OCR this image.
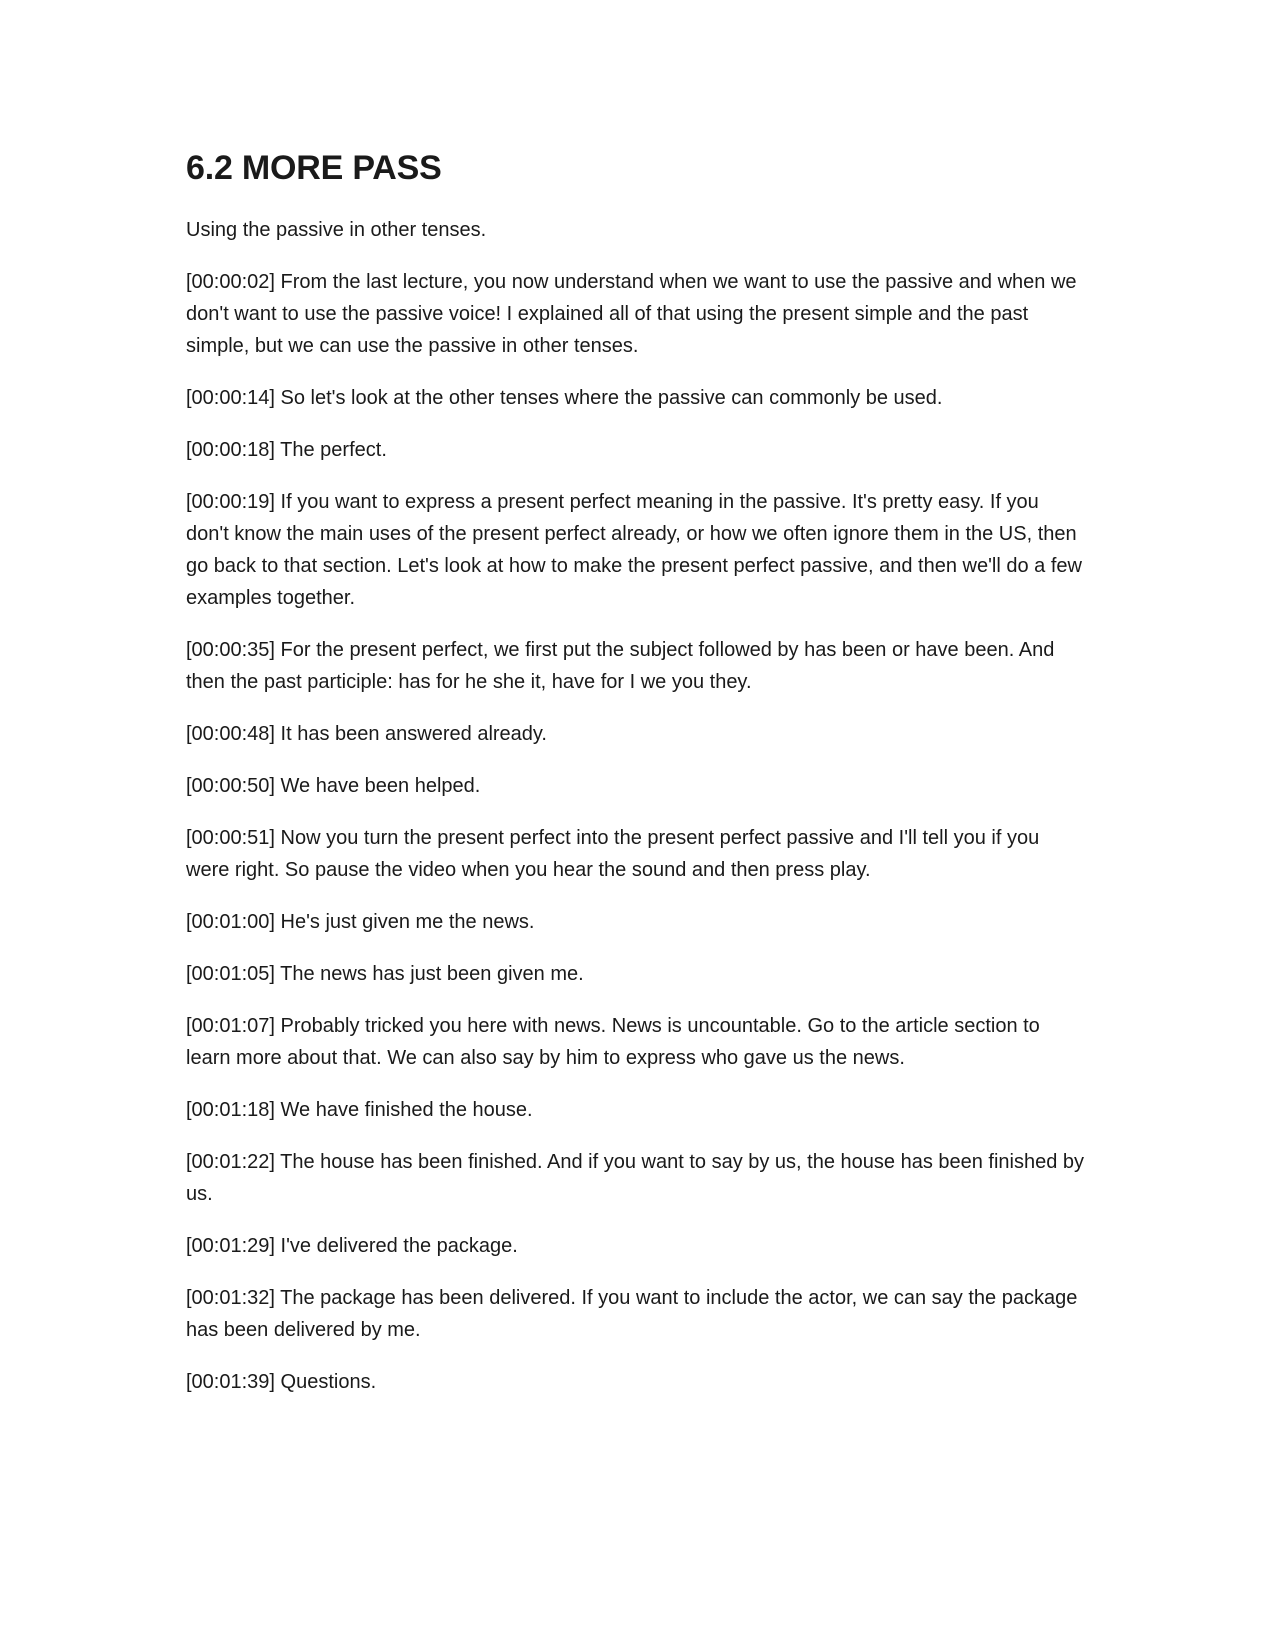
6.2 MORE PASS

Using the passive in other tenses.

[00:00:02] From the last lecture, you now understand when we want to use the passive and when we don't want to use the passive voice! I explained all of that using the present simple and the past simple, but we can use the passive in other tenses.

[00:00:14] So let's look at the other tenses where the passive can commonly be used.

[00:00:18] The perfect.

[00:00:19] If you want to express a present perfect meaning in the passive. It's pretty easy. If you don't know the main uses of the present perfect already, or how we often ignore them in the US, then go back to that section. Let's look at how to make the present perfect passive, and then we'll do a few examples together.

[00:00:35] For the present perfect, we first put the subject followed by has been or have been. And then the past participle: has for he she it, have for I we you they.

[00:00:48] It has been answered already.

[00:00:50] We have been helped.

[00:00:51] Now you turn the present perfect into the present perfect passive and I'll tell you if you were right. So pause the video when you hear the sound and then press play.

[00:01:00] He's just given me the news.

[00:01:05] The news has just been given me.

[00:01:07] Probably tricked you here with news. News is uncountable. Go to the article section to learn more about that. We can also say by him to express who gave us the news.

[00:01:18] We have finished the house.

[00:01:22] The house has been finished. And if you want to say by us, the house has been finished by us.

[00:01:29] I've delivered the package.

[00:01:32] The package has been delivered. If you want to include the actor, we can say the package has been delivered by me.

[00:01:39] Questions.
